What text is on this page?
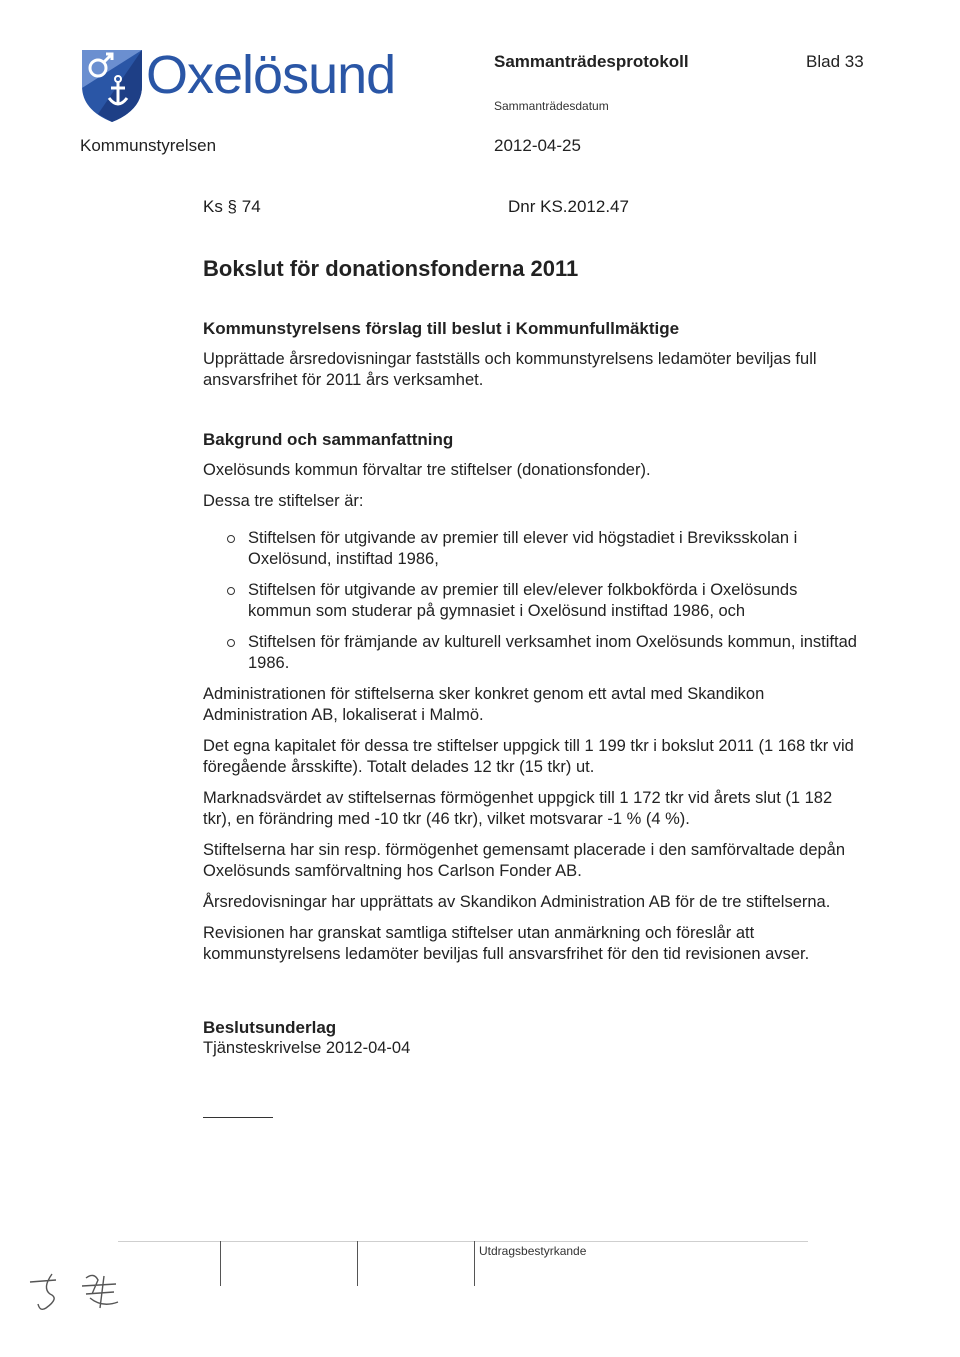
Oxelösund	Sammanträdesprotokoll	Blad 33
Sammanträdesdatum
2012-04-25
Kommunstyrelsen
Ks § 74	Dnr KS.2012.47
Bokslut för donationsfonderna 2011

Kommunstyrelsens förslag till beslut i Kommunfullmäktige

Upprättade årsredovisningar fastställs och kommunstyrelsens ledamöter beviljas full ansvarsfrihet för 2011 års verksamhet.

Bakgrund och sammanfattning

Oxelösunds kommun förvaltar tre stiftelser (donationsfonder).

Dessa tre stiftelser är:

Stiftelsen för utgivande av premier till elever vid högstadiet i Breviksskolan i Oxelösund, instiftad 1986,
Stiftelsen för utgivande av premier till elev/elever folkbokförda i Oxelösunds kommun som studerar på gymnasiet i Oxelösund instiftad 1986, och
Stiftelsen för främjande av kulturell verksamhet inom Oxelösunds kommun, instiftad 1986.

Administrationen för stiftelserna sker konkret genom ett avtal med Skandikon Administration AB, lokaliserat i Malmö.

Det egna kapitalet för dessa tre stiftelser uppgick till 1 199 tkr i bokslut 2011 (1 168 tkr vid föregående årsskifte). Totalt delades 12 tkr (15 tkr) ut.

Marknadsvärdet av stiftelsernas förmögenhet uppgick till 1 172 tkr vid årets slut (1 182 tkr), en förändring med -10 tkr (46 tkr), vilket motsvarar -1 % (4 %).

Stiftelserna har sin resp. förmögenhet gemensamt placerade i den samförvaltade depån Oxelösunds samförvaltning hos Carlson Fonder AB.

Årsredovisningar har upprättats av Skandikon Administration AB för de tre stiftelserna.

Revisionen har granskat samtliga stiftelser utan anmärkning och föreslår att kommunstyrelsens ledamöter beviljas full ansvarsfrihet för den tid revisionen avser.

Beslutsunderlag

Tjänsteskrivelse 2012-04-04

Utdragsbestyrkande
